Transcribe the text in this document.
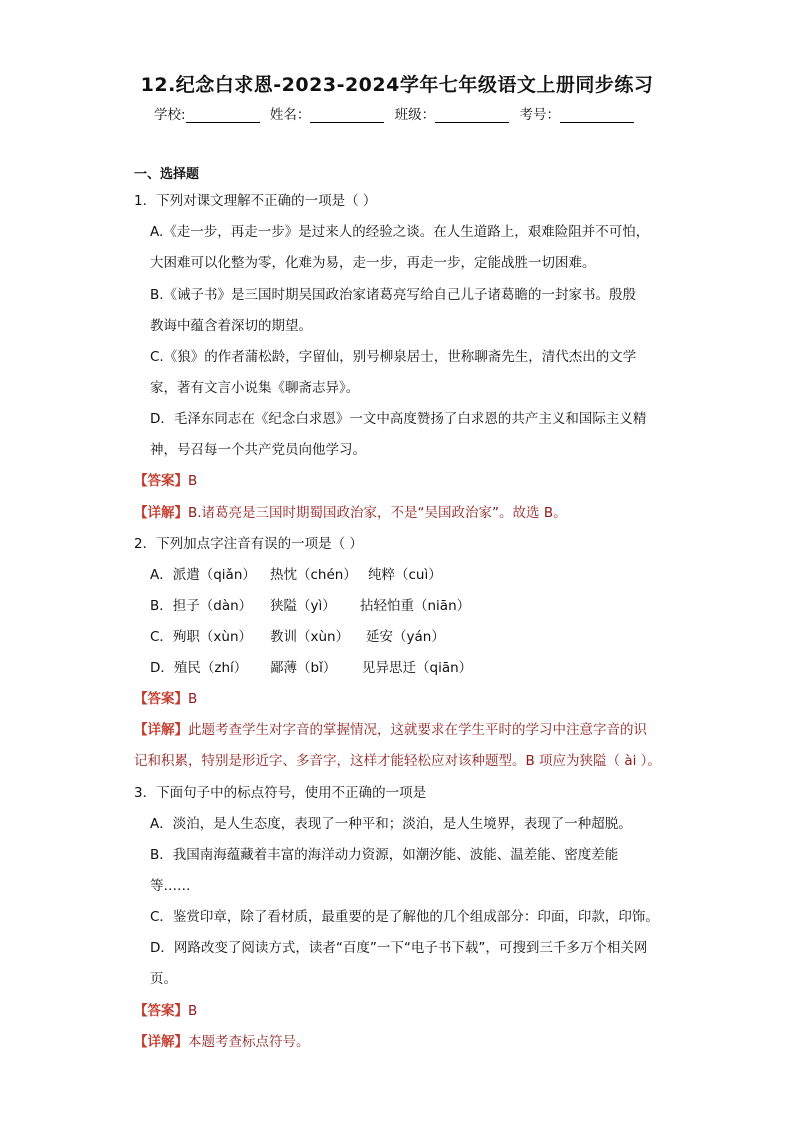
12.纪念白求恩-2023-2024学年七年级语文上册同步练习
学校:	姓名：	班级：	考号：
一、选择题
1．下列对课文理解不正确的一项是（ ）
A.《走一步，再走一步》是过来人的经验之谈。在人生道路上，艰难险阻并不可怕，
大困难可以化整为零，化难为易，走一步，再走一步，定能战胜一切困难。
B.《诫子书》是三国时期吴国政治家诸葛亮写给自己儿子诸葛瞻的一封家书。殷殷
教诲中蕴含着深切的期望。
C.《狼》的作者蒲松龄，字留仙，别号柳泉居士，世称聊斋先生，清代杰出的文学
家，著有文言小说集《聊斋志异》。
D．毛泽东同志在《纪念白求恩》一文中高度赞扬了白求恩的共产主义和国际主义精
神，号召每一个共产党员向他学习。
【答案】B
【详解】B.诸葛亮是三国时期蜀国政治家，不是“吴国政治家”。故选 B。
2．下列加点字注音有误的一项是（ ）
A．派遣（qiǎn） 热忱（chén） 纯粹（cuì）
B．担子（dàn） 狭隘（yì） 拈轻怕重（niān）
C．殉职（xùn） 教训（xùn） 延安（yán）
D．殖民（zhí） 鄙薄（bǐ） 见异思迁（qiān）
【答案】B
【详解】此题考查学生对字音的掌握情况，这就要求在学生平时的学习中注意字音的识
记和积累，特别是形近字、多音字，这样才能轻松应对该种题型。B 项应为狭隘（ ài ）。
3．下面句子中的标点符号，使用不正确的一项是
A．淡泊，是人生态度，表现了一种平和；淡泊，是人生境界，表现了一种超脱。
B．我国南海蕴藏着丰富的海洋动力资源，如潮汐能、波能、温差能、密度差能
等……
C．鉴赏印章，除了看材质，最重要的是了解他的几个组成部分：印面，印款，印饰。
D．网路改变了阅读方式，读者“百度”一下“电子书下载”，可搜到三千多万个相关网
页。
【答案】B
【详解】本题考查标点符号。
